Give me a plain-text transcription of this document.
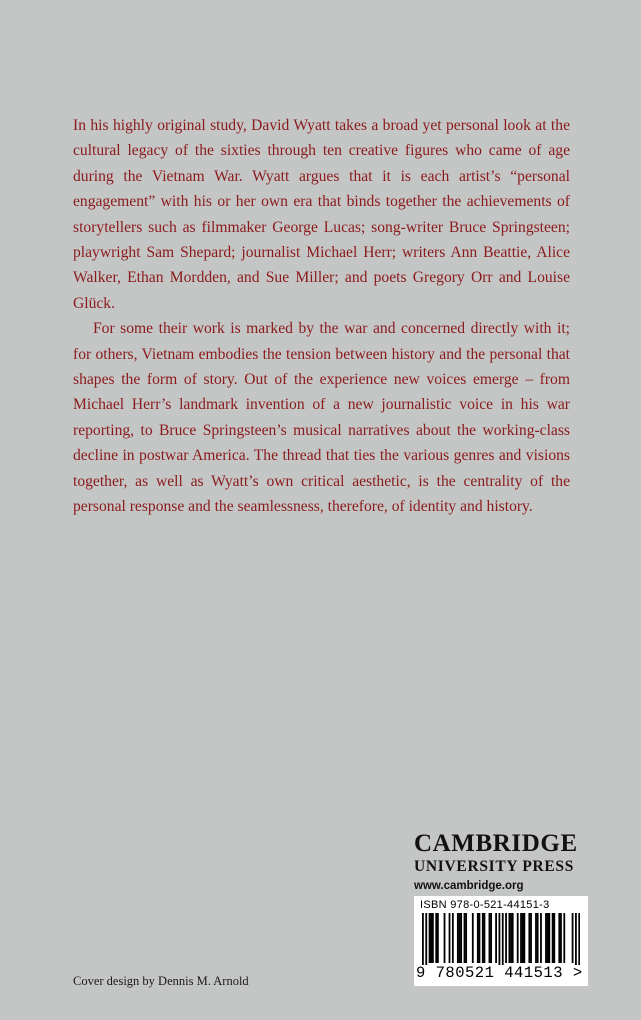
In his highly original study, David Wyatt takes a broad yet personal look at the cultural legacy of the sixties through ten creative figures who came of age during the Vietnam War. Wyatt argues that it is each artist’s “personal engagement” with his or her own era that binds together the achievements of storytellers such as filmmaker George Lucas; song-writer Bruce Springsteen; playwright Sam Shepard; journalist Michael Herr; writers Ann Beattie, Alice Walker, Ethan Mordden, and Sue Miller; and poets Gregory Orr and Louise Glück.

For some their work is marked by the war and concerned directly with it; for others, Vietnam embodies the tension between history and the personal that shapes the form of story. Out of the experience new voices emerge – from Michael Herr’s landmark invention of a new journalistic voice in his war reporting, to Bruce Springsteen’s musical narratives about the working-class decline in postwar America. The thread that ties the various genres and visions together, as well as Wyatt’s own critical aesthetic, is the centrality of the personal response and the seamlessness, therefore, of identity and history.

CAMBRIDGE
UNIVERSITY PRESS
www.cambridge.org
ISBN 978-0-521-44151-3
9 780521 441513 >
Cover design by Dennis M. Arnold
